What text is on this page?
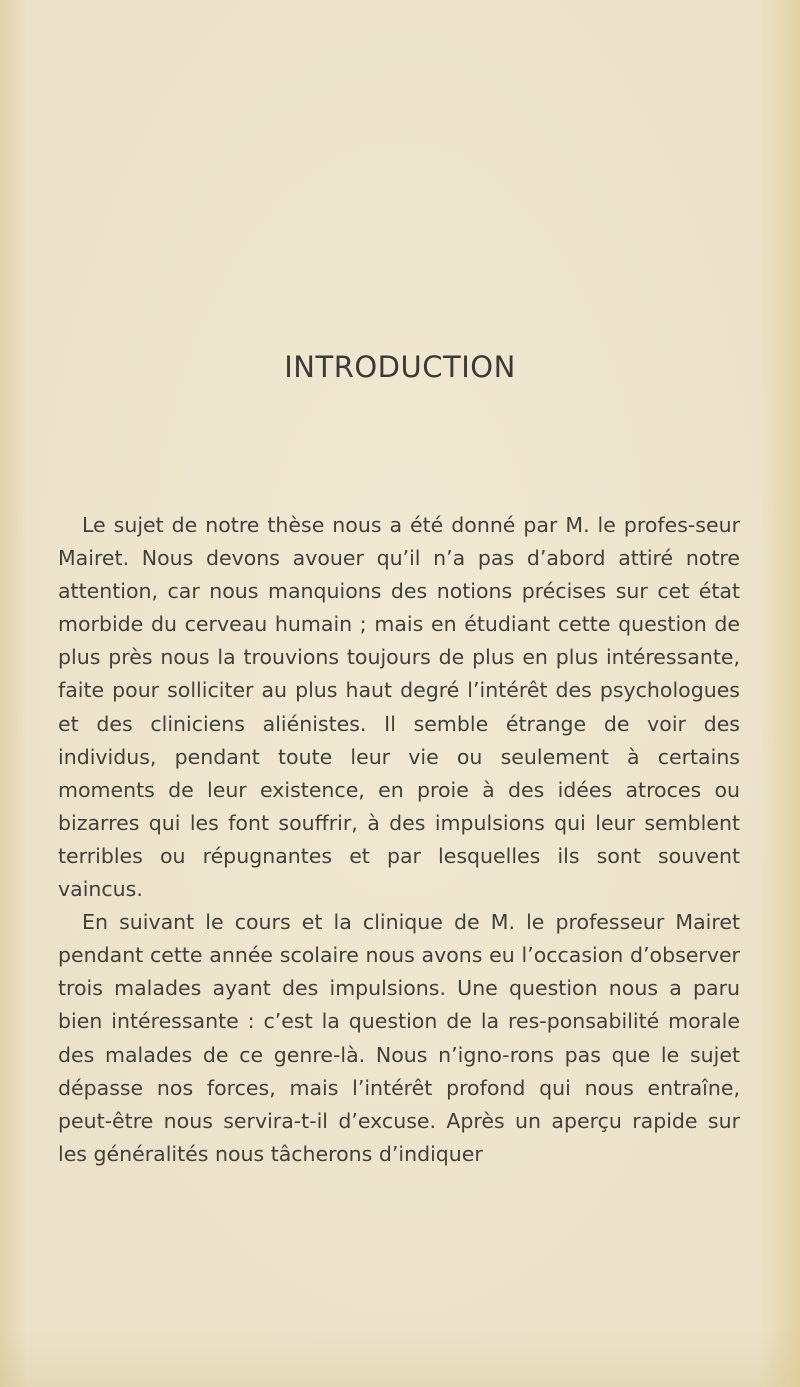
INTRODUCTION

Le sujet de notre thèse nous a été donné par M. le profes-seur Mairet. Nous devons avouer qu’il n’a pas d’abord attiré notre attention, car nous manquions des notions précises sur cet état morbide du cerveau humain ; mais en étudiant cette question de plus près nous la trouvions toujours de plus en plus intéressante, faite pour solliciter au plus haut degré l’intérêt des psychologues et des cliniciens aliénistes. Il semble étrange de voir des individus, pendant toute leur vie ou seulement à certains moments de leur existence, en proie à des idées atroces ou bizarres qui les font souffrir, à des impulsions qui leur semblent terribles ou répugnantes et par lesquelles ils sont souvent vaincus.

En suivant le cours et la clinique de M. le professeur Mairet pendant cette année scolaire nous avons eu l’occasion d’observer trois malades ayant des impulsions. Une question nous a paru bien intéressante : c’est la question de la res-ponsabilité morale des malades de ce genre-là. Nous n’igno-rons pas que le sujet dépasse nos forces, mais l’intérêt profond qui nous entraîne, peut-être nous servira-t-il d’excuse. Après un aperçu rapide sur les généralités nous tâcherons d’indiquer
